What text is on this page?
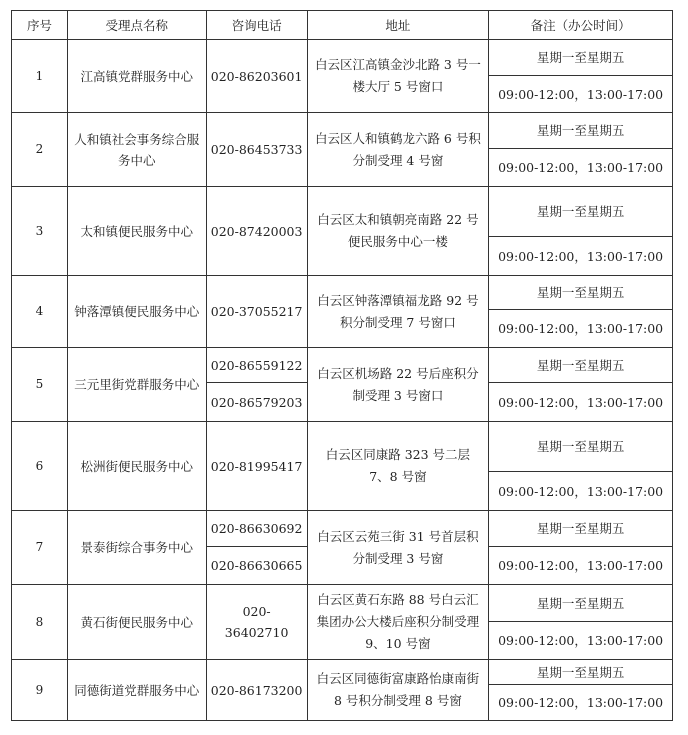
序号	受理点名称	咨询电话	地址	备注（办公时间）
1	江高镇党群服务中心	020-86203601	白云区江高镇金沙北路 3 号一楼大厅 5 号窗口	星期一至星期五
				09:00-12:00，13:00-17:00
2	人和镇社会事务综合服务中心	020-86453733	白云区人和镇鹤龙六路 6 号积分制受理 4 号窗	星期一至星期五
				09:00-12:00，13:00-17:00
3	太和镇便民服务中心	020-87420003	白云区太和镇朝亮南路 22 号便民服务中心一楼	星期一至星期五
				09:00-12:00，13:00-17:00
4	钟落潭镇便民服务中心	020-37055217	白云区钟落潭镇福龙路 92 号积分制受理 7 号窗口	星期一至星期五
				09:00-12:00，13:00-17:00
5	三元里街党群服务中心	020-86559122	白云区机场路 22 号后座积分制受理 3 号窗口	星期一至星期五
		020-86579203		09:00-12:00，13:00-17:00
6	松洲街便民服务中心	020-81995417	白云区同康路 323 号二层 7、8 号窗	星期一至星期五
				09:00-12:00，13:00-17:00
7	景泰街综合事务中心	020-86630692	白云区云苑三街 31 号首层积分制受理 3 号窗	星期一至星期五
		020-86630665		09:00-12:00，13:00-17:00
8	黄石街便民服务中心	020- 36402710	白云区黄石东路 88 号白云汇集团办公大楼后座积分制受理 9、10 号窗	星期一至星期五
				09:00-12:00，13:00-17:00
9	同德街道党群服务中心	020-86173200	白云区同德街富康路怡康南街 8 号积分制受理 8 号窗	星期一至星期五
				09:00-12:00，13:00-17:00
